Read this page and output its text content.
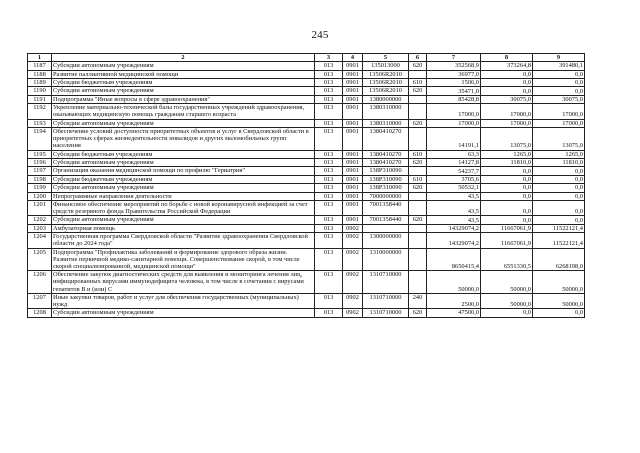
245
1	2	3	4	5	6	7	8	9
1187	Субсидии автономным учреждениям	013	0901	135013000	620	352568,9	373264,8	391480,1
1188	Развитие паллиативной медицинской помощи	013	0901	13506R2010		36977,0	0,0	0,0
1189	Субсидии бюджетным учреждениям	013	0901	13506R2010	610	1506,0	0,0	0,0
1190	Субсидии автономным учреждениям	013	0901	13506R2010	620	35471,0	0,0	0,0
1191	Подпрограмма "Иные вопросы в сфере здравоохранения"	013	0901	1380000000		85428,8	30075,0	30075,0
1192	Укрепление материально-технической базы государственных учреждений здравоохранения, оказывающих медицинскую помощь гражданам старшего возраста	013	0901	1380310000		17000,0	17000,0	17000,0
1193	Субсидии автономным учреждениям	013	0901	1380310000	620	17000,0	17000,0	17000,0
1194	Обеспечение условий доступности приоритетных объектов и услуг в Свердловской области в приоритетных сферах жизнедеятельности инвалидов и других маломобильных групп населения	013	0901	1380410270		14191,1	13075,0	13075,0
1195	Субсидии бюджетным учреждениям	013	0901	1380410270	610	63,3	1265,0	1265,0
1196	Субсидии автономным учреждениям	013	0901	1380410270	620	14127,8	11810,0	11810,0
1197	Организация оказания медицинской помощи по профилю "Гериатрия"	013	0901	138P310090		54237,7	0,0	0,0
1198	Субсидии бюджетным учреждениям	013	0901	138P310090	610	3705,6	0,0	0,0
1199	Субсидии автономным учреждениям	013	0901	138P310090	620	50532,1	0,0	0,0
1200	Непрограммные направления деятельности	013	0901	7000000000		43,5	0,0	0,0
1201	Финансовое обеспечение мероприятий по борьбе с новой коронавирусной инфекцией за счет средств резервного фонда Правительства Российской Федерации	013	0901	7001358440		43,5	0,0	0,0
1202	Субсидии автономным учреждениям	013	0901	7001358440	620	43,5	0,0	0,0
1203	Амбулаторная помощь	013	0902			14329074,2	11667061,9	11522121,4
1204	Государственная программа Свердловской области "Развитие здравоохранения Свердловской области до 2024 года"	013	0902	1300000000		14329074,2	11667061,9	11522121,4
1205	Подпрограмма "Профилактика заболеваний и формирование здорового образа жизни. Развитие первичной медико-санитарной помощи. Совершенствование скорой, в том числе скорой специализированной, медицинской помощи"	013	0902	1310000000		8650415,4	6551330,5	6268198,0
1206	Обеспечение закупок диагностических средств для выявления и мониторинга лечения лиц, инфицированных вирусами иммунодефицита человека, в том числе в сочетании с вирусами гепатитов В и (или) С	013	0902	1310710000		50000,0	50000,0	50000,0
1207	Иные закупки товаров, работ и услуг для обеспечения государственных (муниципальных) нужд	013	0902	1310710000	240	2500,0	50000,0	50000,0
1208	Субсидии автономным учреждениям	013	0902	1310710000	620	47500,0	0,0	0,0
